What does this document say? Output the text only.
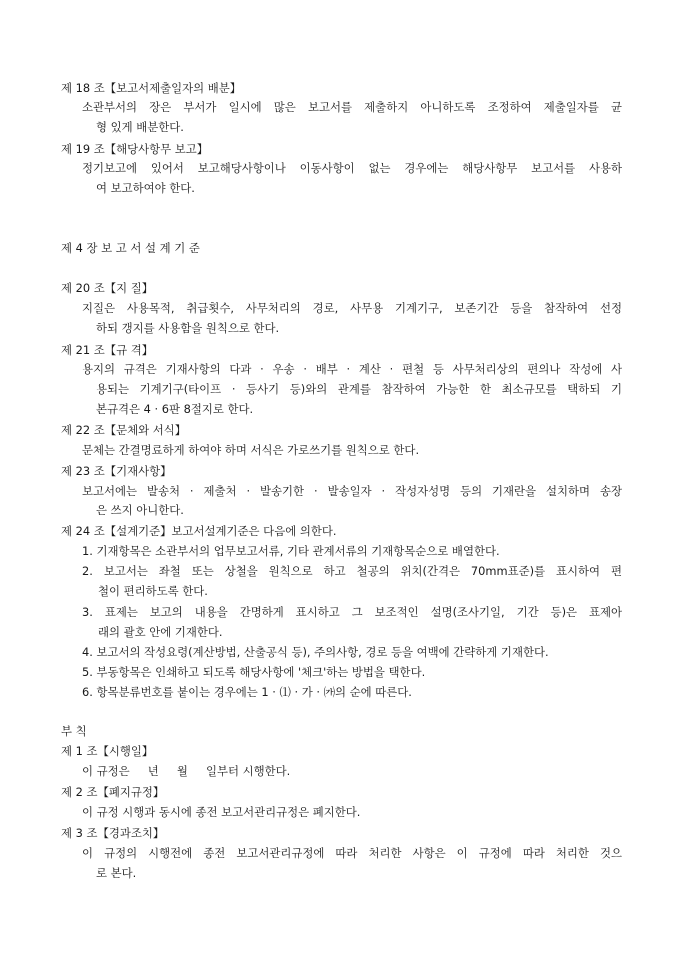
제 18 조【보고서제출일자의 배분】
소관부서의 장은 부서가 일시에 많은 보고서를 제출하지 아니하도록 조정하여 제출일자를 균
형 있게 배분한다.
제 19 조【해당사항무 보고】
정기보고에 있어서 보고해당사항이나 이동사항이 없는 경우에는 해당사항무 보고서를 사용하
여 보고하여야 한다.
제 4 장 보 고 서 설 계 기 준
제 20 조【지 질】
지질은 사용목적, 취급횟수, 사무처리의 경로, 사무용 기계기구, 보존기간 등을 참작하여 선정
하되 갱지를 사용함을 원칙으로 한다.
제 21 조【규 격】
용지의 규격은 기재사항의 다과 · 우송 · 배부 · 계산 · 편철 등 사무처리상의 편의나 작성에 사
용되는 기계기구(타이프 · 등사기 등)와의 관계를 참작하여 가능한 한 최소규모를 택하되 기
본규격은 4 · 6판 8절지로 한다.
제 22 조【문체와 서식】
문체는 간결명료하게 하여야 하며 서식은 가로쓰기를 원칙으로 한다.
제 23 조【기재사항】
보고서에는 발송처 · 제출처 · 발송기한 · 발송일자 · 작성자성명 등의 기재란을 설치하며 송장
은 쓰지 아니한다.
제 24 조【설계기준】보고서설계기준은 다음에 의한다.
1. 기재항목은 소관부서의 업무보고서류, 기타 관계서류의 기재항목순으로 배열한다.
2. 보고서는 좌철 또는 상철을 원칙으로 하고 철공의 위치(간격은 70mm표준)를 표시하여 편
철이 편리하도록 한다.
3. 표제는 보고의 내용을 간명하게 표시하고 그 보조적인 설명(조사기일, 기간 등)은 표제아
래의 괄호 안에 기재한다.
4. 보고서의 작성요령(계산방법, 산출공식 등), 주의사항, 경로 등을 여백에 간략하게 기재한다.
5. 부동항목은 인쇄하고 되도록 해당사항에 '체크'하는 방법을 택한다.
6. 항목분류번호를 붙이는 경우에는 1 · ⑴ · 가 · ㈎의 순에 따른다.
부 칙
제 1 조【시행일】
이 규정은     년     월     일부터 시행한다.
제 2 조【폐지규정】
이 규정 시행과 동시에 종전 보고서관리규정은 폐지한다.
제 3 조【경과조치】
이 규정의 시행전에 종전 보고서관리규정에 따라 처리한 사항은 이 규정에 따라 처리한 것으
로 본다.
